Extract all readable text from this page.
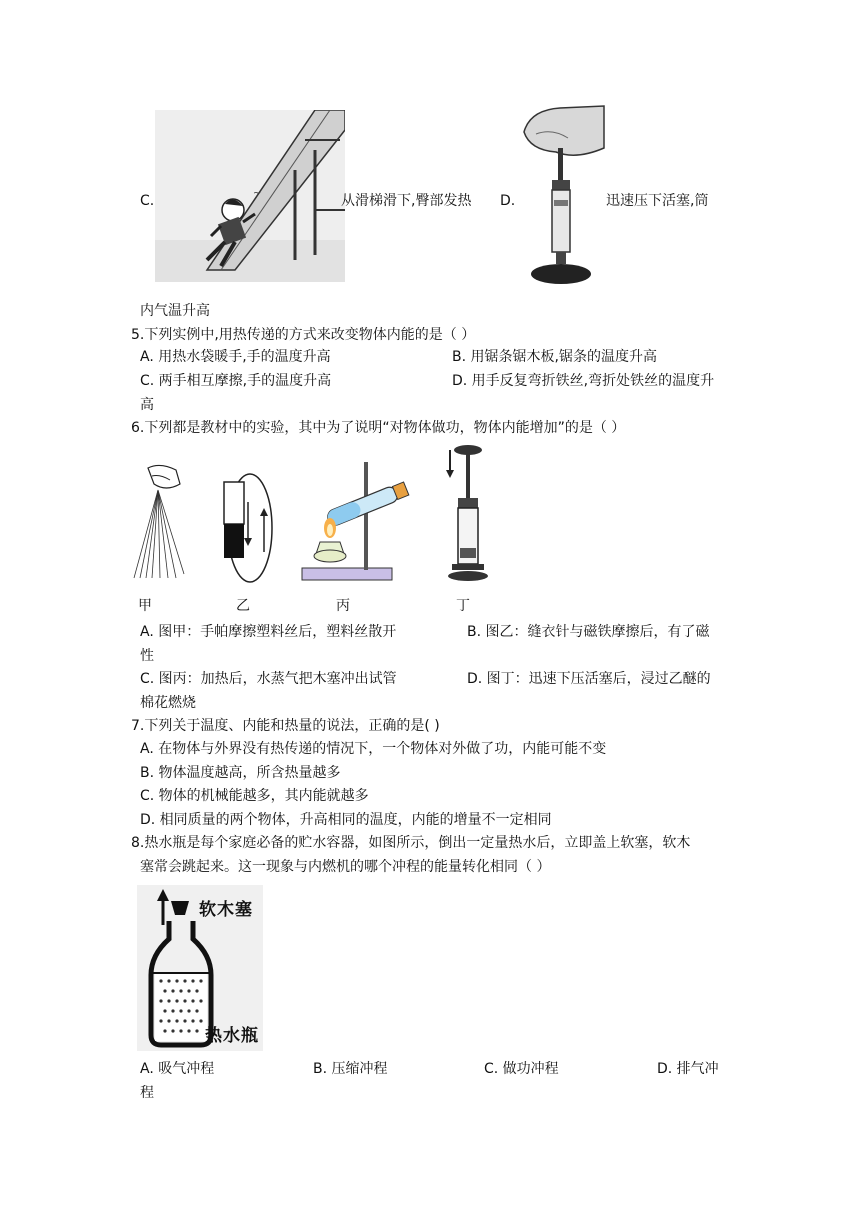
C.	~	从滑梯滑下,臀部发热 D.	迅速压下活塞,筒
内气温升高
5.下列实例中,用热传递的方式来改变物体内能的是（ ）
A. 用热水袋暖手,手的温度升高	B. 用锯条锯木板,锯条的温度升高
C. 两手相互摩擦,手的温度升高	D. 用手反复弯折铁丝,弯折处铁丝的温度升
高
6.下列都是教材中的实验，其中为了说明“对物体做功，物体内能增加”的是（ ）
甲	乙	丙	丁
A. 图甲：手帕摩擦塑料丝后，塑料丝散开	B. 图乙：缝衣针与磁铁摩擦后，有了磁
性
C. 图丙：加热后，水蒸气把木塞冲出试管	D. 图丁：迅速下压活塞后，浸过乙醚的
棉花燃烧
7.下列关于温度、内能和热量的说法，正确的是( )
A. 在物体与外界没有热传递的情况下，一个物体对外做了功，内能可能不变
B. 物体温度越高，所含热量越多
C. 物体的机械能越多，其内能就越多
D. 相同质量的两个物体，升高相同的温度，内能的增量不一定相同
8.热水瓶是每个家庭必备的贮水容器，如图所示，倒出一定量热水后，立即盖上软塞，软木
塞常会跳起来。这一现象与内燃机的哪个冲程的能量转化相同（ ）
软木塞
热水瓶
A. 吸气冲程	B. 压缩冲程	C. 做功冲程	D. 排气冲
程
